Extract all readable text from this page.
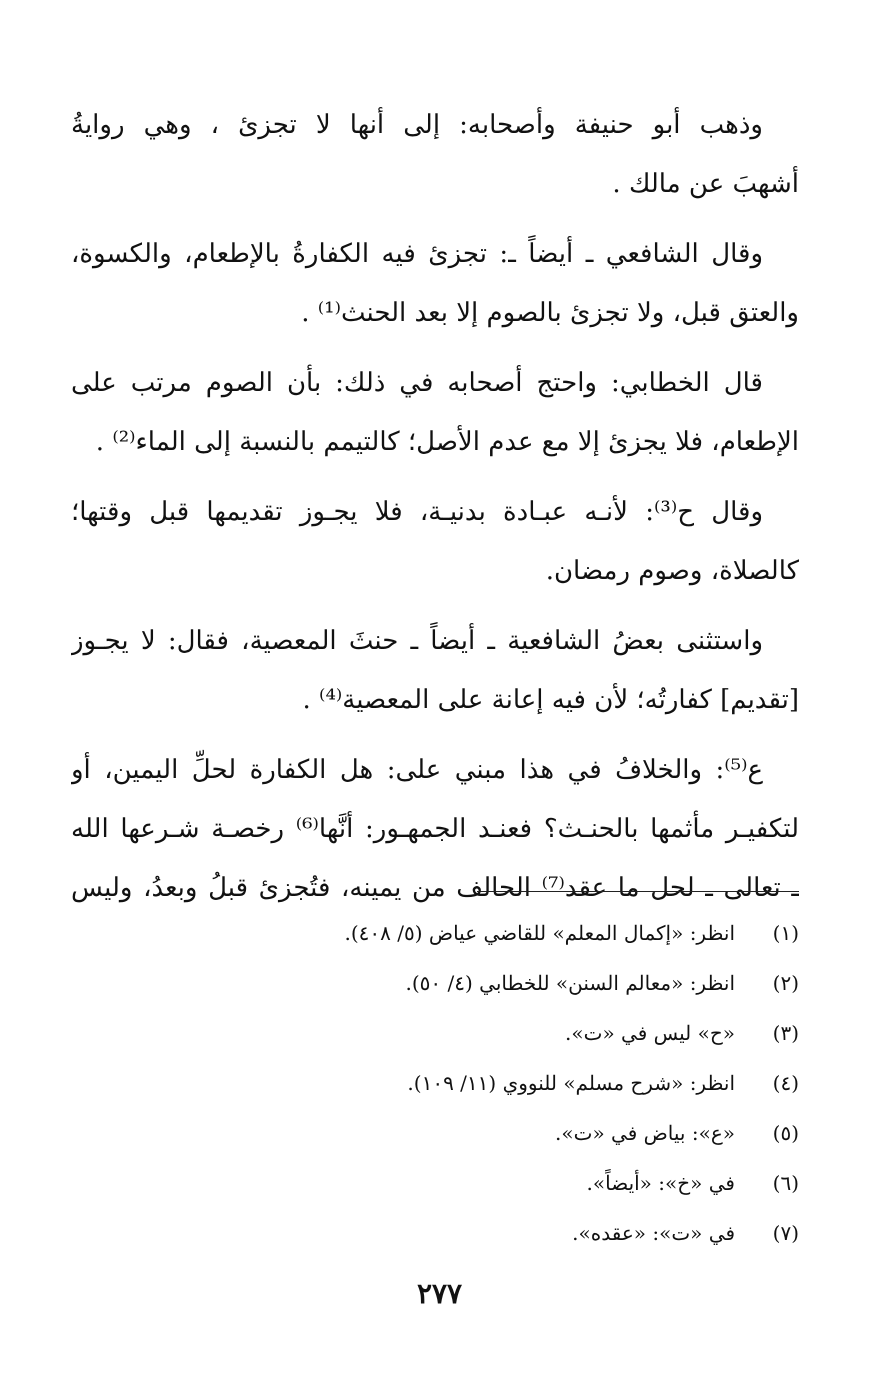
وذهب أبو حنيفة وأصحابه: إلى أنها لا تجزئ ، وهي روايةُ
أشهبَ عن مالك .
وقال الشافعي ـ أيضاً ـ: تجزئ فيه الكفارةُ بالإطعام، والكسوة،
والعتق قبل، ولا تجزئ بالصوم إلا بعد الحنث⁽¹⁾ .
قال الخطابي: واحتج أصحابه في ذلك: بأن الصوم مرتب على
الإطعام، فلا يجزئ إلا مع عدم الأصل؛ كالتيمم بالنسبة إلى الماء⁽²⁾ .
وقال ح⁽³⁾: لأنـه عبـادة بدنيـة، فلا يجـوز تقديمها قبل وقتها؛
كالصلاة، وصوم رمضان.
واستثنى بعضُ الشافعية ـ أيضاً ـ حنثَ المعصية، فقال: لا يجـوز
[تقديم] كفارتُه؛ لأن فيه إعانة على المعصية⁽⁴⁾ .
ع⁽⁵⁾: والخلافُ في هذا مبني على: هل الكفارة لحلِّ اليمين، أو
لتكفيـر مأثمها بالحنـث؟ فعنـد الجمهـور: أنَّها⁽⁶⁾ رخصـة شـرعها الله
ـ تعالى ـ لحل ما عقد⁽⁷⁾ الحالف من يمينه، فتُجزئ قبلُ وبعدُ، وليس
(١)
انظر: «إكمال المعلم» للقاضي عياض (٥/ ٤٠٨).
(٢)
انظر: «معالم السنن» للخطابي (٤/ ٥٠).
(٣)
«ح» ليس في «ت».
(٤)
انظر: «شرح مسلم» للنووي (١١/ ١٠٩).
(٥)
«ع»: بياض في «ت».
(٦)
في «خ»: «أيضاً».
(٧)
في «ت»: «عقده».
٢٧٧
